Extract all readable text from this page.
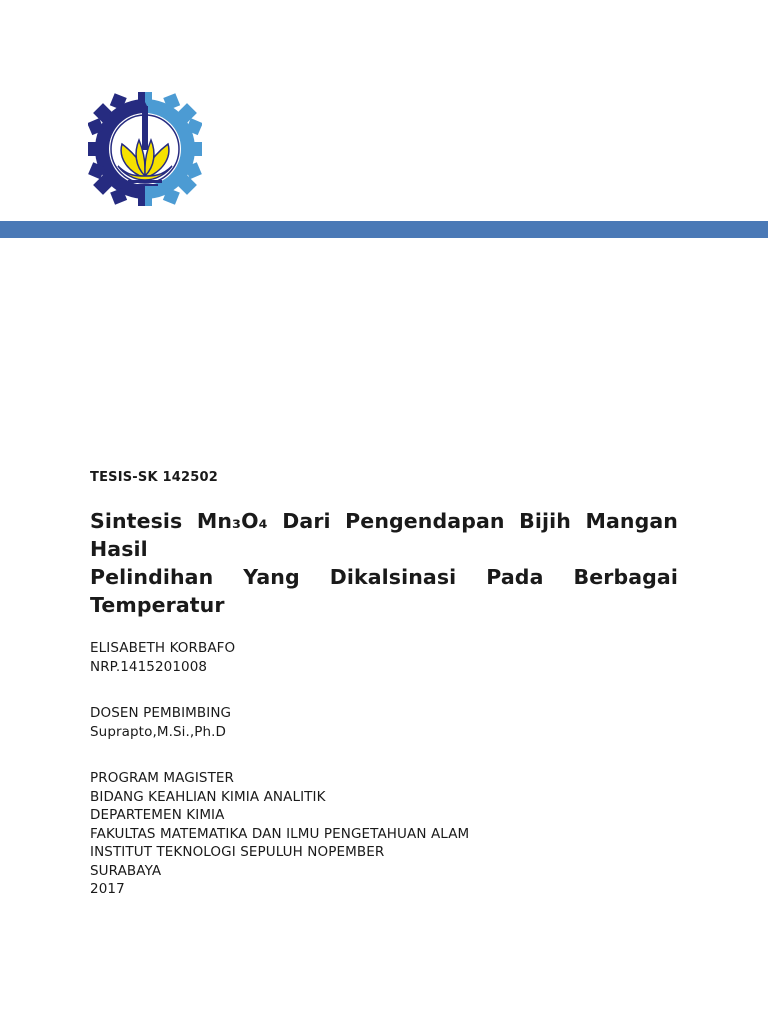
TESIS-SK 142502

Sintesis Mn₃O₄ Dari Pengendapan Bijih Mangan Hasil
Pelindihan Yang Dikalsinasi Pada Berbagai Temperatur
ELISABETH KORBAFO
NRP.1415201008
DOSEN PEMBIMBING
Suprapto,M.Si.,Ph.D
PROGRAM MAGISTER
BIDANG KEAHLIAN KIMIA ANALITIK
DEPARTEMEN KIMIA
FAKULTAS MATEMATIKA DAN ILMU PENGETAHUAN ALAM
INSTITUT TEKNOLOGI SEPULUH NOPEMBER
SURABAYA
2017
